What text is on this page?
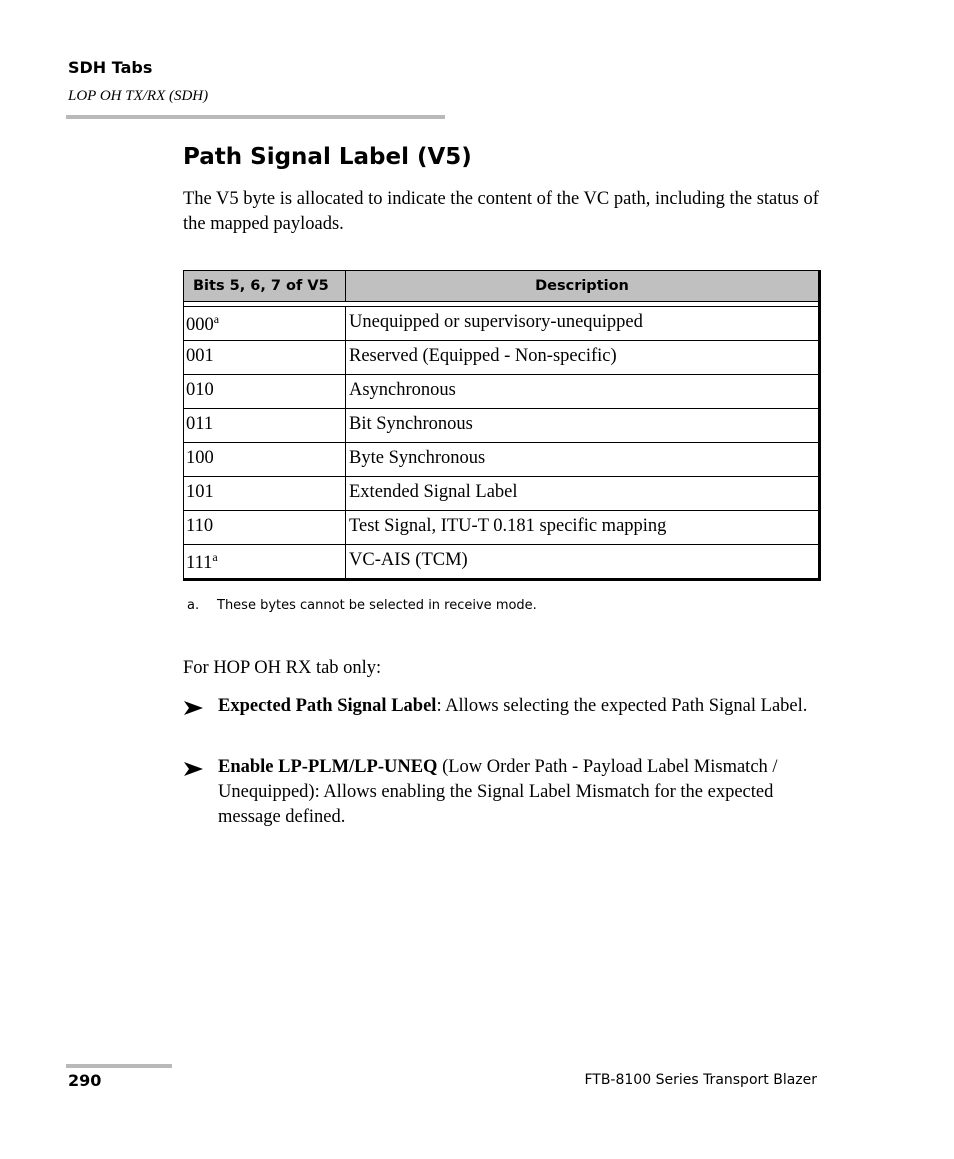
SDH Tabs
LOP OH TX/RX (SDH)
Path Signal Label (V5)

The V5 byte is allocated to indicate the content of the VC path, including the status of the mapped payloads.

Bits 5, 6, 7 of V5	Description
000$^a$	Unequipped or supervisory-unequipped
001	Reserved (Equipped - Non-specific)
010	Asynchronous
011	Bit Synchronous
100	Byte Synchronous
101	Extended Signal Label
110	Test Signal, ITU-T 0.181 specific mapping
111$^a$	VC-AIS (TCM)
a. These bytes cannot be selected in receive mode.

For HOP OH RX tab only:

Expected Path Signal Label: Allows selecting the expected Path Signal Label.

Enable LP-PLM/LP-UNEQ (Low Order Path - Payload Label Mismatch / Unequipped): Allows enabling the Signal Label Mismatch for the expected message defined.

290	FTB-8100 Series Transport Blazer
